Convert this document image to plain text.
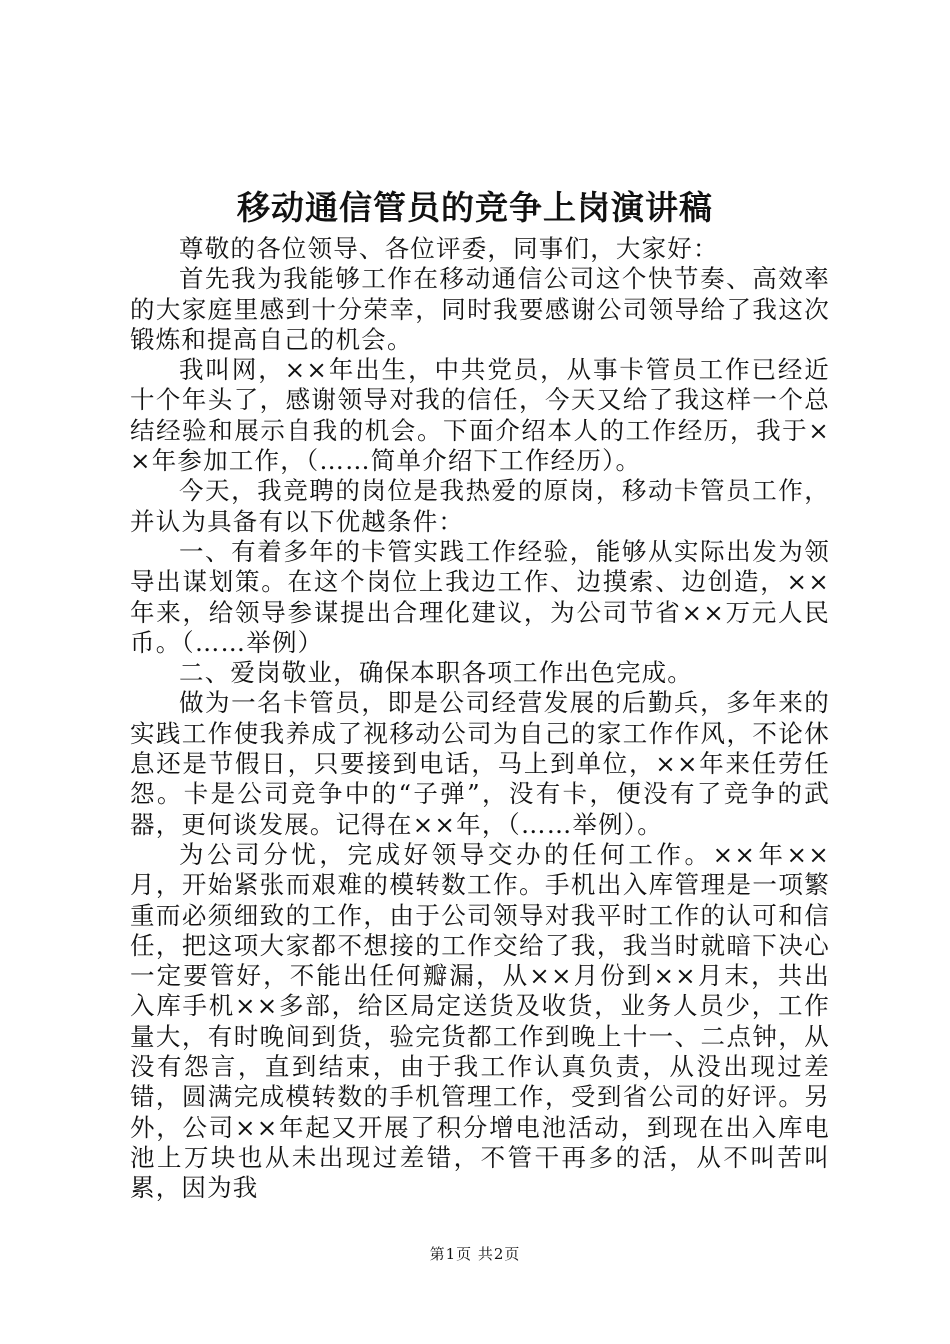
移动通信管员的竞争上岗演讲稿

尊敬的各位领导、各位评委，同事们，大家好：

首先我为我能够工作在移动通信公司这个快节奏、高效率的大家庭里感到十分荣幸，同时我要感谢公司领导给了我这次锻炼和提高自己的机会。

我叫网，××年出生，中共党员，从事卡管员工作已经近十个年头了，感谢领导对我的信任，今天又给了我这样一个总结经验和展示自我的机会。下面介绍本人的工作经历，我于××年参加工作，（……简单介绍下工作经历）。

今天，我竞聘的岗位是我热爱的原岗，移动卡管员工作，并认为具备有以下优越条件：

一、有着多年的卡管实践工作经验，能够从实际出发为领导出谋划策。在这个岗位上我边工作、边摸索、边创造，××年来，给领导参谋提出合理化建议，为公司节省××万元人民币。（……举例）

二、爱岗敬业，确保本职各项工作出色完成。

做为一名卡管员，即是公司经营发展的后勤兵，多年来的实践工作使我养成了视移动公司为自己的家工作作风，不论休息还是节假日，只要接到电话，马上到单位，××年来任劳任怨。卡是公司竞争中的“子弹”，没有卡，便没有了竞争的武器，更何谈发展。记得在××年，（……举例）。

为公司分忧，完成好领导交办的任何工作。××年××月，开始紧张而艰难的模转数工作。手机出入库管理是一项繁重而必须细致的工作，由于公司领导对我平时工作的认可和信任，把这项大家都不想接的工作交给了我，我当时就暗下决心一定要管好，不能出任何瓣漏，从××月份到××月末，共出入库手机××多部，给区局定送货及收货，业务人员少，工作量大，有时晚间到货，验完货都工作到晚上十一、二点钟，从没有怨言，直到结束，由于我工作认真负责，从没出现过差错，圆满完成模转数的手机管理工作，受到省公司的好评。另外，公司××年起又开展了积分增电池活动，到现在出入库电池上万块也从未出现过差错，不管干再多的活，从不叫苦叫累，因为我

第1页 共2页
